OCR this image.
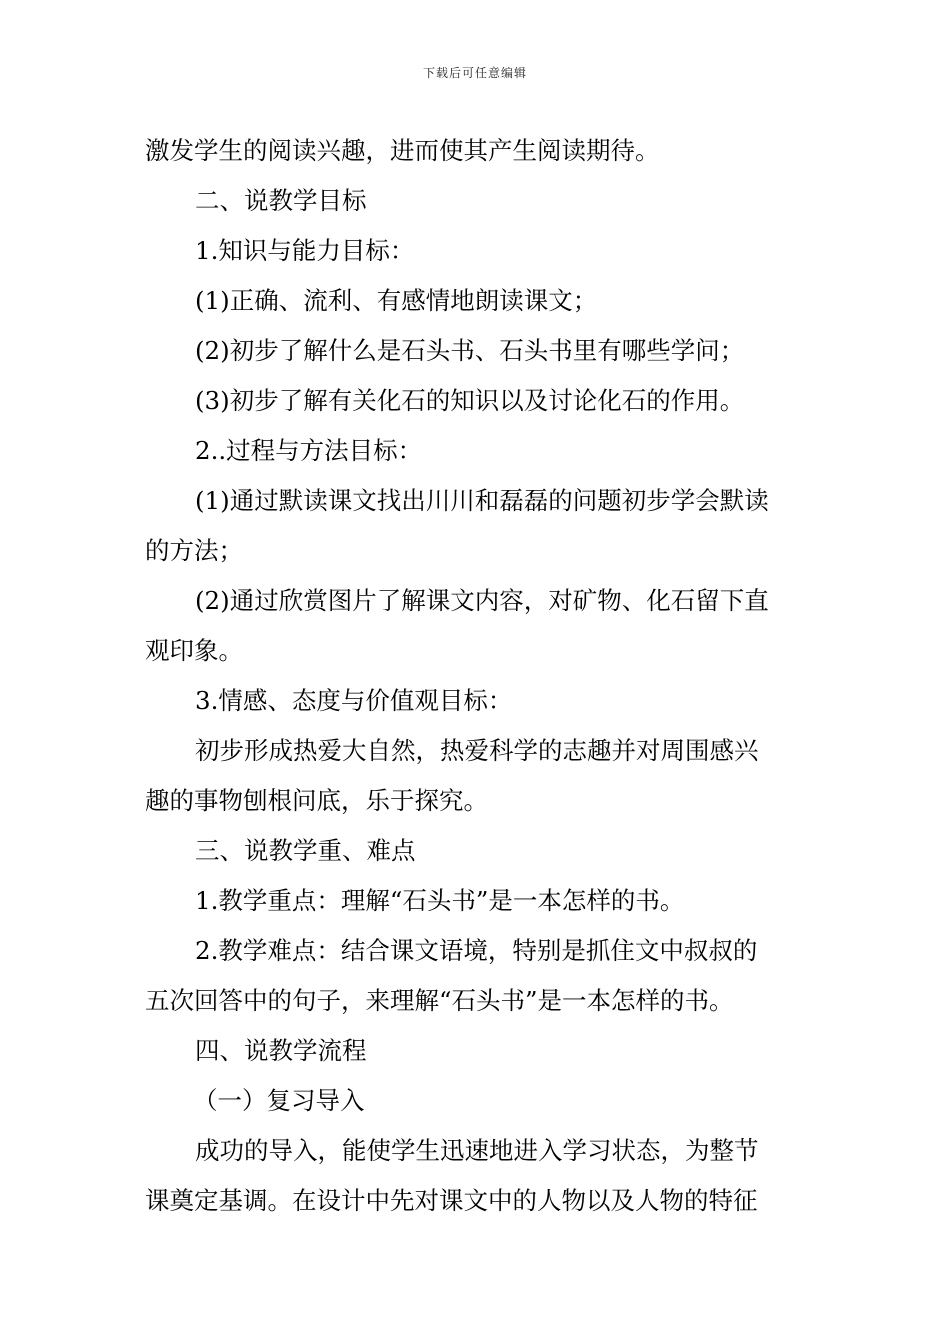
下载后可任意编辑
激发学生的阅读兴趣，进而使其产生阅读期待。
二、说教学目标
1.知识与能力目标：
(1)正确、流利、有感情地朗读课文；
(2)初步了解什么是石头书、石头书里有哪些学问；
(3)初步了解有关化石的知识以及讨论化石的作用。
2..过程与方法目标：
(1)通过默读课文找出川川和磊磊的问题初步学会默读
的方法；
(2)通过欣赏图片了解课文内容，对矿物、化石留下直
观印象。
3.情感、态度与价值观目标：
初步形成热爱大自然，热爱科学的志趣并对周围感兴
趣的事物刨根问底，乐于探究。
三、说教学重、难点
1.教学重点：理解“石头书”是一本怎样的书。
2.教学难点：结合课文语境，特别是抓住文中叔叔的
五次回答中的句子，来理解“石头书”是一本怎样的书。
四、说教学流程
（一）复习导入
成功的导入，能使学生迅速地进入学习状态，为整节
课奠定基调。在设计中先对课文中的人物以及人物的特征
